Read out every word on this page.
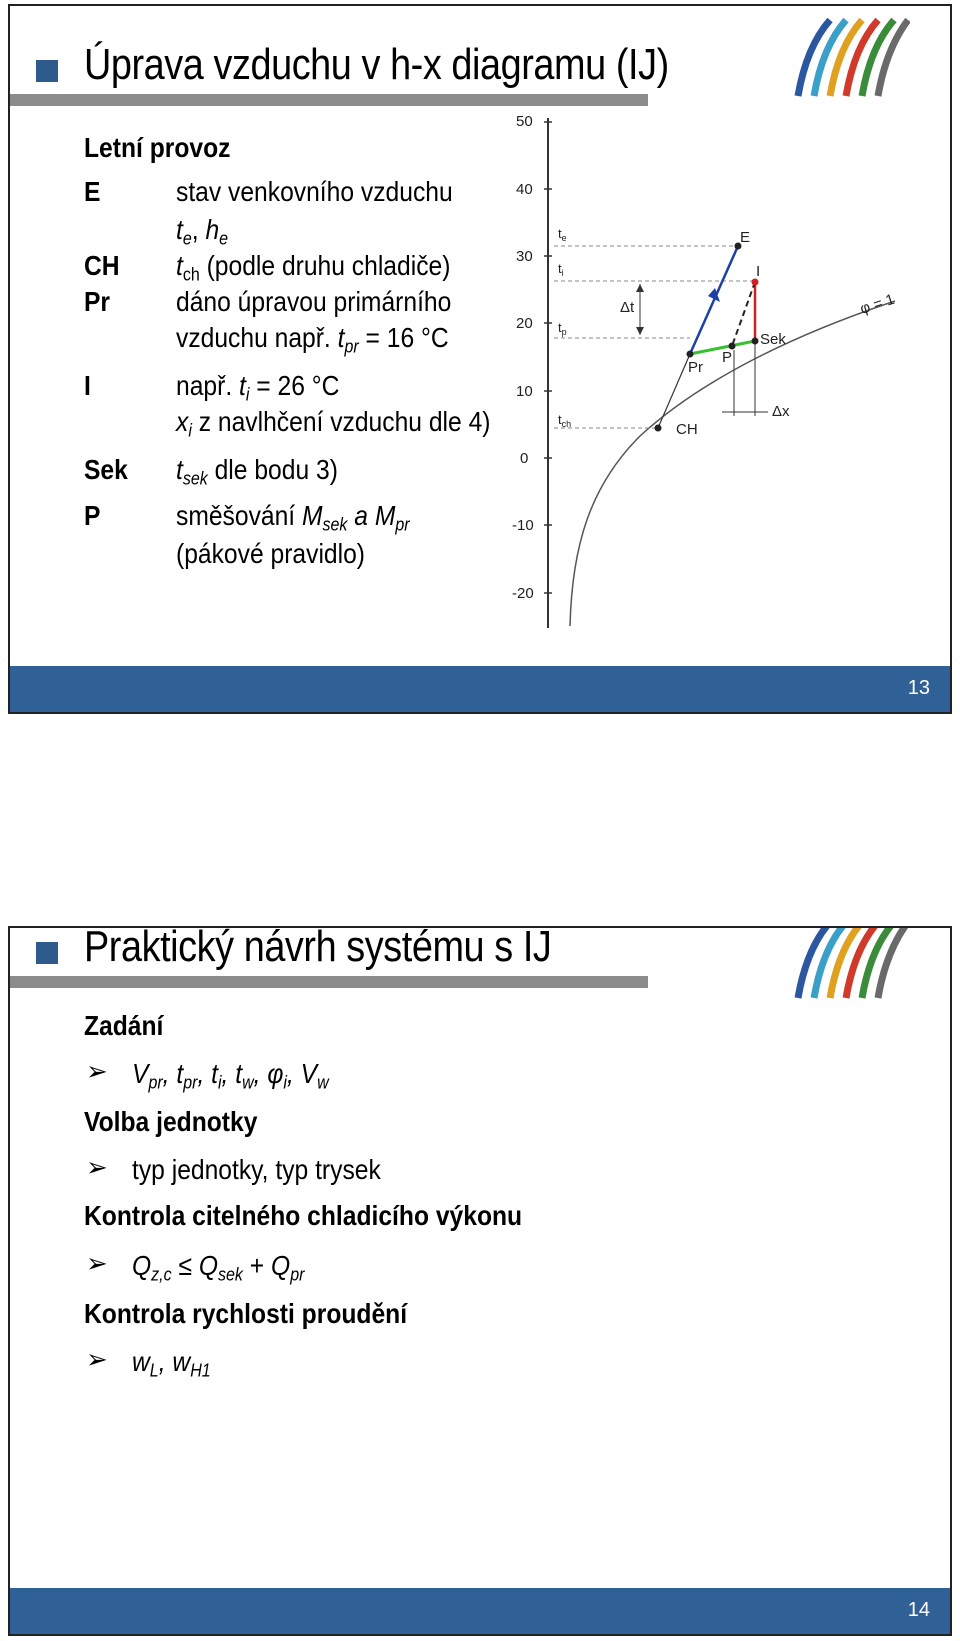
Úprava vzduchu v h-x diagramu (IJ)
Letní provoz
E
CH
Pr
I
Sek
P
stav venkovního vzduchu
$t_e$, $h_e$
$t_{ch}$ (podle druhu chladiče)
dáno úpravou primárního
vzduchu např. $t_{pr} = 16$ °C
např. $t_i = 26$ °C
$x_i$ z navlhčení vzduchu dle 4)
$t_{sek}$ dle bodu 3)
směšování $M_{sek}$ a $M_{pr}$
(pákové pravidlo)
50
40
30
20
10
0
-10
-20
$t_e$
$t_i$
$t_p$
$t_{ch}$
Δt
Δx
E
I
Sek
P
Pr
CH
φ = 1
13
Praktický návrh systému s IJ
Zadání
➢ $V_{pr}$, $t_{pr}$, $t_i$, $t_w$, $\varphi_i$, $V_w$
Volba jednotky
➢ typ jednotky, typ trysek
Kontrola citelného chladicího výkonu
➢ $Q_{z,c} \le Q_{sek} + Q_{pr}$
Kontrola rychlosti proudění
➢ $w_L$, $w_{H1}$
14
